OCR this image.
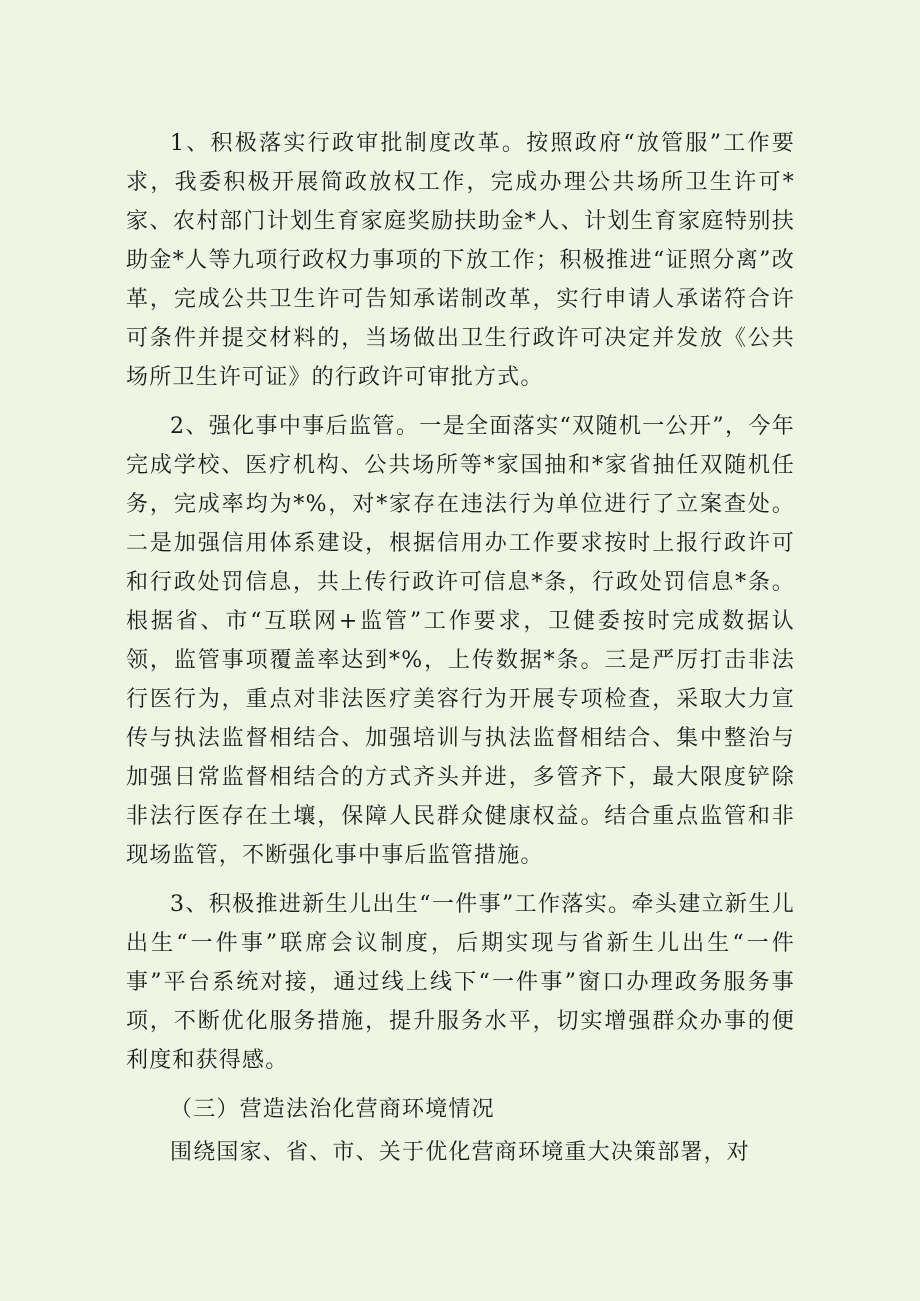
1、积极落实行政审批制度改革。按照政府“放管服”工作要求，我委积极开展简政放权工作，完成办理公共场所卫生许可*家、农村部门计划生育家庭奖励扶助金*人、计划生育家庭特别扶助金*人等九项行政权力事项的下放工作；积极推进“证照分离”改革，完成公共卫生许可告知承诺制改革，实行申请人承诺符合许可条件并提交材料的，当场做出卫生行政许可决定并发放《公共场所卫生许可证》的行政许可审批方式。

2、强化事中事后监管。一是全面落实“双随机一公开”，今年完成学校、医疗机构、公共场所等*家国抽和*家省抽任双随机任务，完成率均为*%，对*家存在违法行为单位进行了立案查处。二是加强信用体系建设，根据信用办工作要求按时上报行政许可和行政处罚信息，共上传行政许可信息*条，行政处罚信息*条。根据省、市“互联网+监管”工作要求，卫健委按时完成数据认领，监管事项覆盖率达到*%，上传数据*条。三是严厉打击非法行医行为，重点对非法医疗美容行为开展专项检查，采取大力宣传与执法监督相结合、加强培训与执法监督相结合、集中整治与加强日常监督相结合的方式齐头并进，多管齐下，最大限度铲除非法行医存在土壤，保障人民群众健康权益。结合重点监管和非现场监管，不断强化事中事后监管措施。

3、积极推进新生儿出生“一件事”工作落实。牵头建立新生儿出生“一件事”联席会议制度，后期实现与省新生儿出生“一件事”平台系统对接，通过线上线下“一件事”窗口办理政务服务事项，不断优化服务措施，提升服务水平，切实增强群众办事的便利度和获得感。

（三）营造法治化营商环境情况

围绕国家、省、市、关于优化营商环境重大决策部署，对
